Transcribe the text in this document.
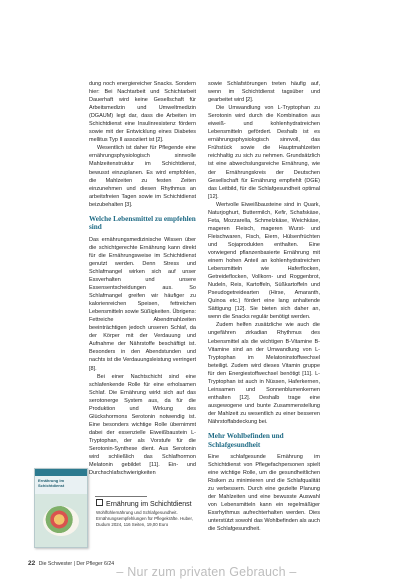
dung noch energiereicher Snacks. Sondern hier: Bei Nachtarbeit und Schichtarbeit Dauerhaft wird keine Gesellschaft für Arbeitsmedizin und Umweltmedizin (DGAUM) legt dar, dass die Arbeiten im Schichtdienst eine Insulinresistenz fördern sowie mit der Entwicklung eines Diabetes mellitus Typ II assoziiert ist [2].

Wesentlich ist daher für Pflegende eine ernährungsphysiologisch sinnvolle Mahlzeitenstruktur im Schichtdienst, bewusst einzuplanen. Es wird empfohlen, die Mahlzeiten zu festen Zeiten einzunehmen und diesen Rhythmus an arbeitsfreien Tagen sowie im Schichtdienst beizubehalten [3].

Welche Lebensmittel zu empfehlen sind

Das ernährungsmedizinische Wissen über die schichtgerechte Ernährung kann direkt für die Ernährungsweise im Schichtdienst genutzt werden. Denn Stress und Schlafmangel wirken sich auf unser Essverhalten und unsere Essensentscheidungen aus. So Schlafmangel greifen wir häufiger zu kalorienreichen Speisen, fettreichen Lebensmitteln sowie Süßigkeiten. Übrigens: Fettreiche Abendmahlzeiten beeinträchtigen jedoch unseren Schlaf, da der Körper mit der Verdauung und Aufnahme der Nährstoffe beschäftigt ist. Besonders in den Abendstunden und nachts ist die Verdauungsleistung verringert [8].

Bei einer Nachtschicht sind eine schlafenkende Rolle für eine erholsamen Schlaf. Die Ernährung wirkt sich auf das serotonerge System aus, da für die Produktion und Wirkung des Glückshormons Serotonin notwendig ist. Eine besonders wichtige Rolle übernimmt dabei der essenzielle Eiweißbaustein L-Tryptophan, der als Vorstufe für die Serotonin-Synthese dient. Aus Serotonin wird schließlich das Schlafhormon Melatonin gebildet [11]. Ein- und Durchschlafschwierigkeiten

sowie Schlafstörungen treten häufig auf, wenn im Schichtdienst tagsüber und gearbeitet wird [2].

Die Umwandlung von L-Tryptophan zu Serotonin wird durch die Kombination aus eiweiß- und kohlenhydratreichen Lebensmitteln gefördert. Deshalb ist es ernährungsphysiologisch sinnvoll, das Frühstück sowie die Hauptmahlzeiten reichhaltig zu sich zu nehmen. Grundsätzlich ist eine abwechslungsreiche Ernährung, wie der Ernährungskreis der Deutschen Gesellschaft für Ernährung empfiehlt (DGE) das Leitbild, für die Schlafgesundheit optimal [12].

Wertvolle Eiweißbausteine sind in Quark, Naturjoghurt, Buttermilch, Kefir, Schafskäse, Feta, Mozzarella, Schmelzkäse, Weichkäse, mageren Fleisch, mageren Wurst- und Fleischwaren, Fisch, Eiern, Hülsenfrüchten und Sojaprodukten enthalten. Eine vorwiegend pflanzenbasierte Ernährung mit einem hohen Anteil an kohlenhydratreichen Lebensmitteln wie Haferflocken, Getreideflocken, Vollkorn- und Roggenbrot, Nudeln, Reis, Kartoffeln, Süßkartoffeln und Pseudogetreidearten (Hirse, Amaranth, Quinoa etc.) fördert eine lang anhaltende Sättigung [12]. Sie bieten sich daher an, wenn die Snacks regulär benötigt werden.

Zudem helfen zusätzliche wie auch die ungefähren zirkadian Rhythmus des Lebensmittel als die wichtigen B-Vitamine B-Vitamine sind an der Umwandlung von L-Tryptophan im Melatoninstoffwechsel beteiligt. Zudem wird dieses Vitamin gruppe für den Energiestoffwechsel benötigt [11]. L-Tryptophan ist auch in Nüssen, Haferkernen, Leinsamen und Sonnenblumenkernen enthalten [12]. Deshalb trage eine ausgewogene und bunte Zusammenstellung der Mahlzeit zu wesentlich zu einer besseren Nährstoffabdeckung bei.

Mehr Wohlbefinden und Schlafgesundheit

Eine schlafgesunde Ernährung im Schichtdienst von Pflegefachpersonen spielt eine wichtige Rolle, um die gesundheitlichen Risiken zu minimieren und die Schlafqualität zu verbessern. Durch eine gezielte Planung der Mahlzeiten und eine bewusste Auswahl von Lebensmitteln kann ein regelmäßiger Essrhythmus aufrechterhalten werden. Dies unterstützt sowohl das Wohlbefinden als auch die Schlafgesundheit.

Ernährung im Schichtdienst
Ernährung im Schichtdienst
Wohlfühlernährung und Schlafgesundheit. Ernährungsempfehlungen für Pflegekräfte. Huber, Dudum 2024, 116 Seiten, 19,00 Euro
22 Die Schwester | Der Pfleger 6/24
– Nur zum privaten Gebrauch –
